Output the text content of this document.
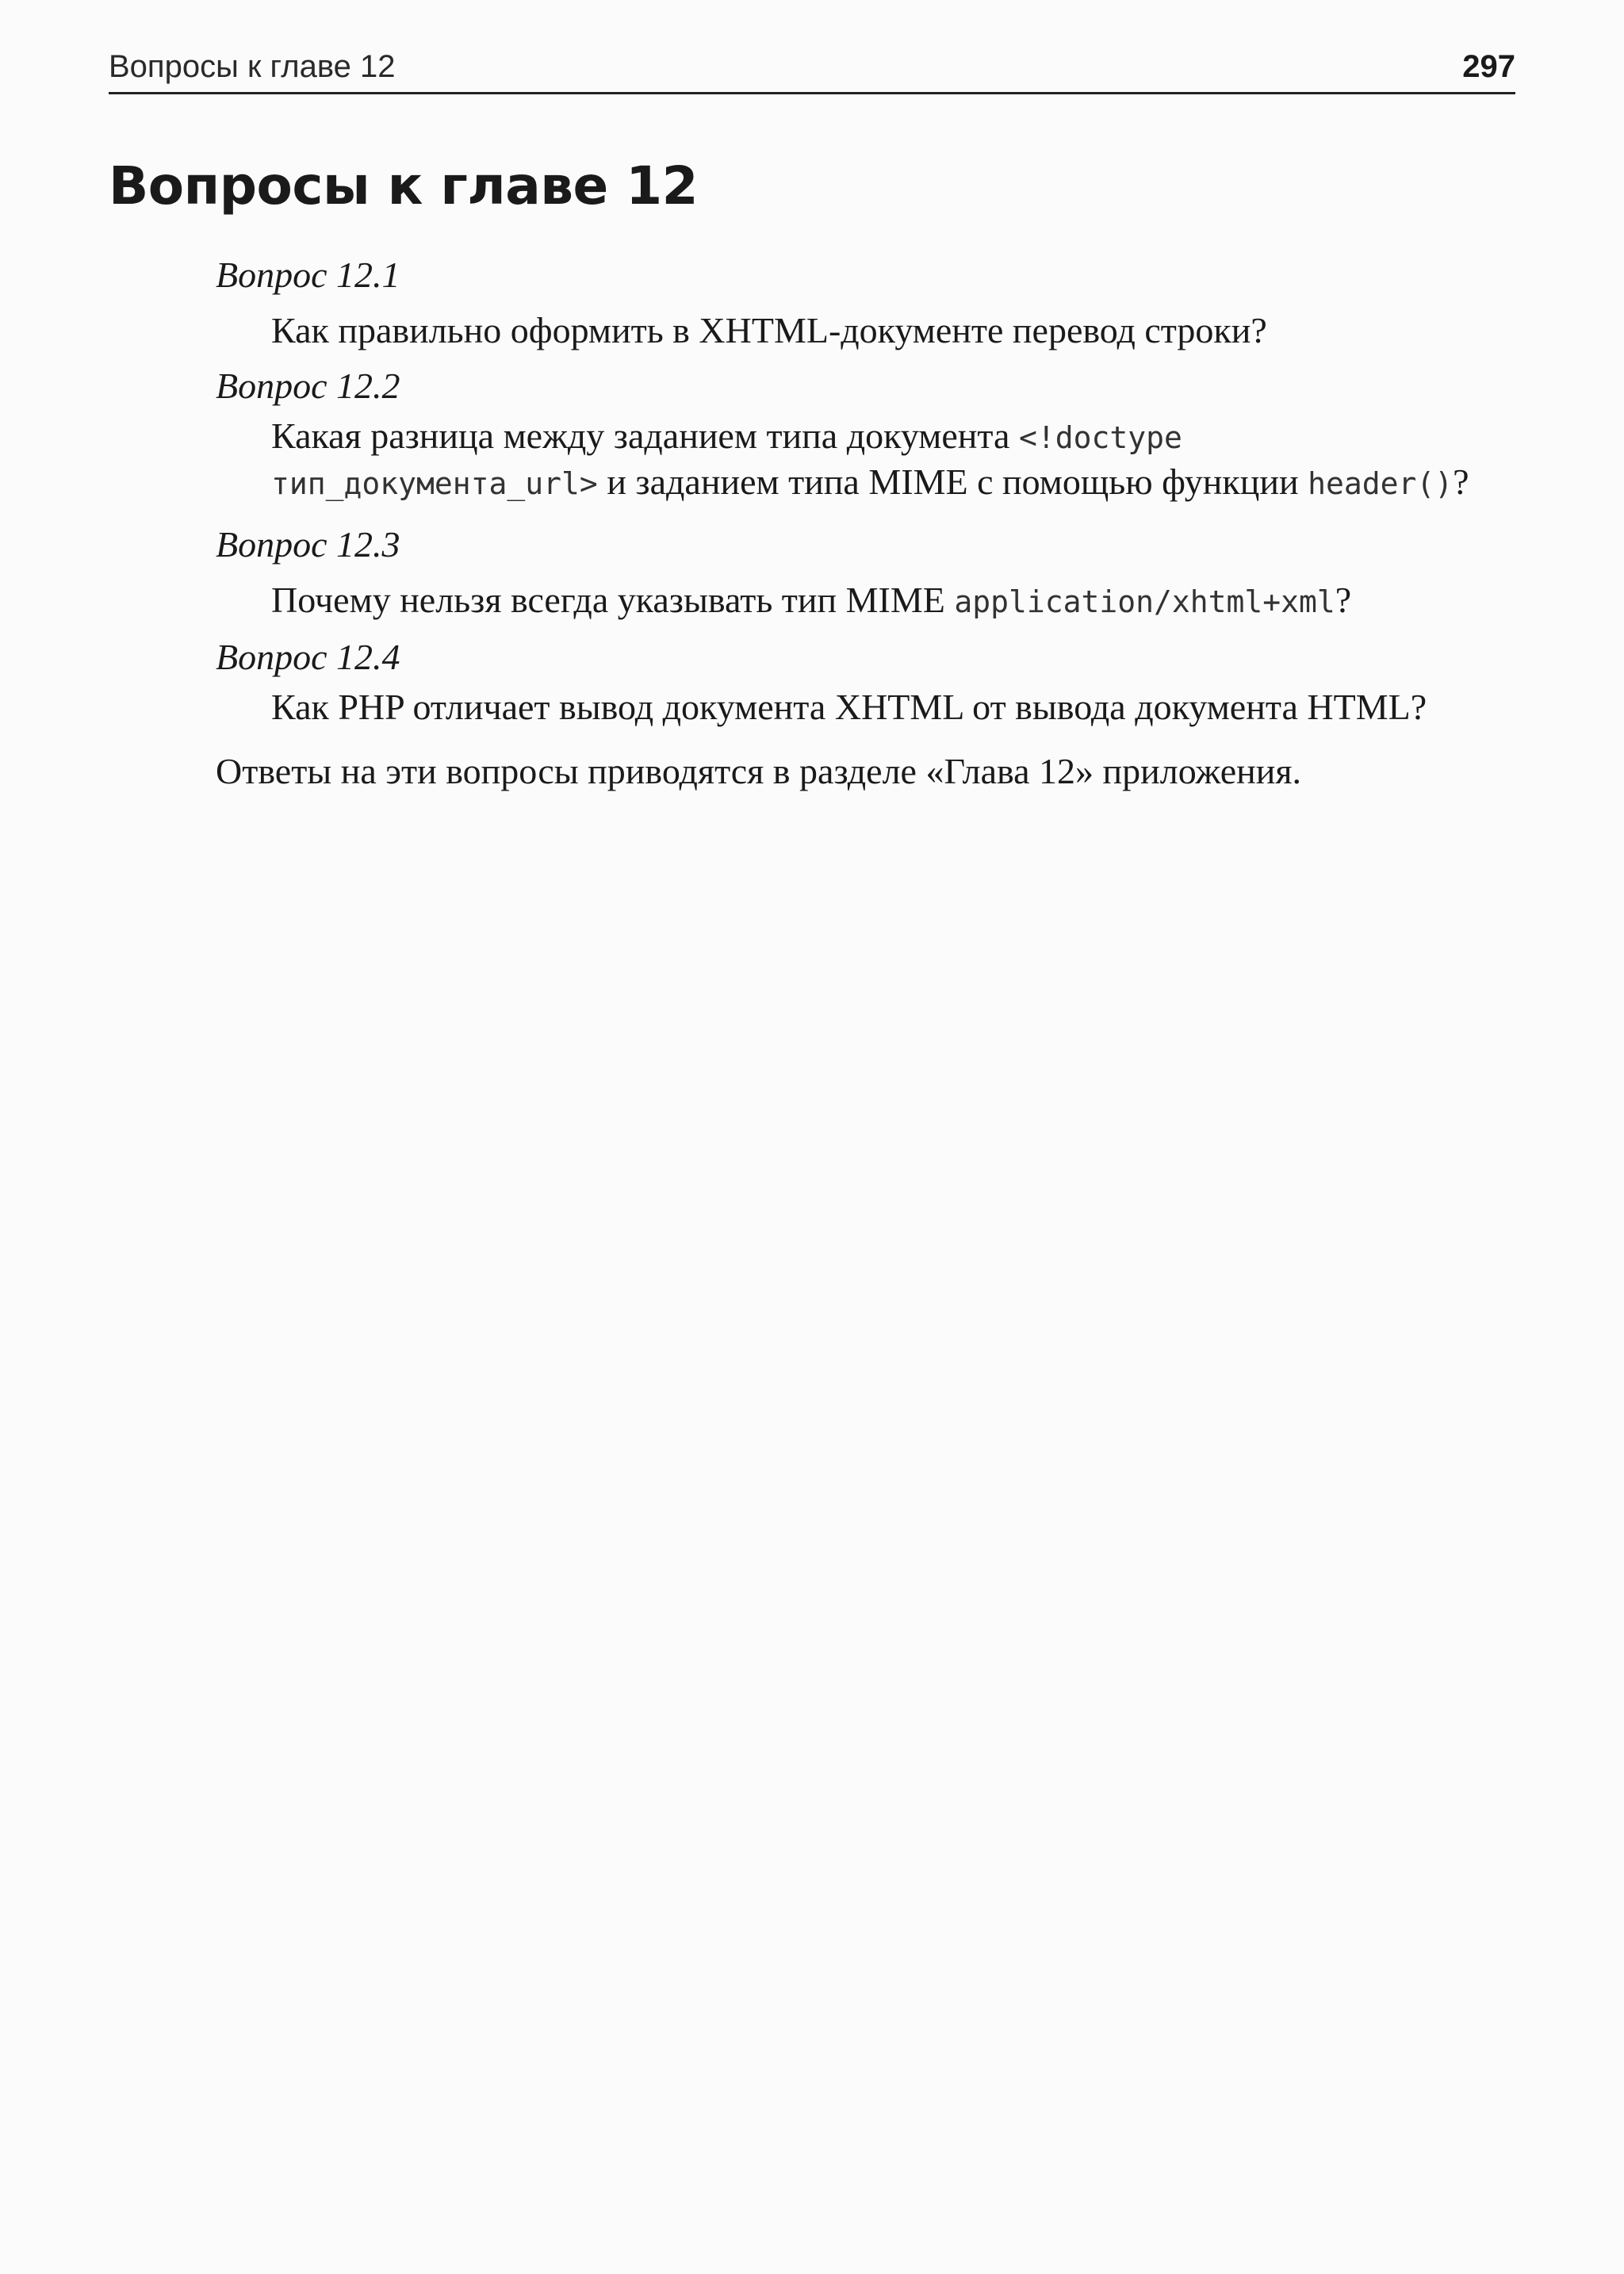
Вопросы к главе 12	297
Вопросы к главе 12

Вопрос 12.1

Как правильно оформить в XHTML-документе перевод строки?

Вопрос 12.2

Какая разница между заданием типа документа <!doctype тип_документа_url> и заданием типа MIME с помощью функции header()?

Вопрос 12.3

Почему нельзя всегда указывать тип MIME application/xhtml+xml?

Вопрос 12.4

Как PHP отличает вывод документа XHTML от вывода документа HTML?

Ответы на эти вопросы приводятся в разделе «Глава 12» приложения.
